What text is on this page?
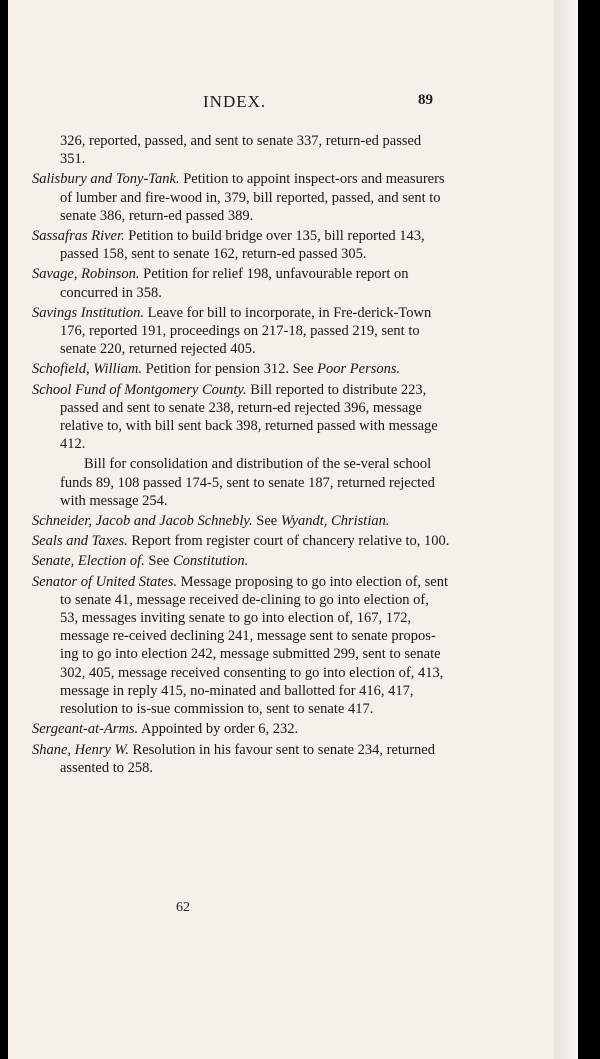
INDEX.	89

326, reported, passed, and sent to senate 337, return-ed passed 351.

Salisbury and Tony-Tank. Petition to appoint inspect-ors and measurers of lumber and fire-wood in, 379, bill reported, passed, and sent to senate 386, return-ed passed 389.

Sassafras River. Petition to build bridge over 135, bill reported 143, passed 158, sent to senate 162, return-ed passed 305.

Savage, Robinson. Petition for relief 198, unfavourable report on concurred in 358.

Savings Institution. Leave for bill to incorporate, in Fre-derick-Town 176, reported 191, proceedings on 217-18, passed 219, sent to senate 220, returned rejected 405.

Schofield, William. Petition for pension 312. See Poor Persons.

School Fund of Montgomery County. Bill reported to distribute 223, passed and sent to senate 238, return-ed rejected 396, message relative to, with bill sent back 398, returned passed with message 412.

Bill for consolidation and distribution of the se-veral school funds 89, 108 passed 174-5, sent to senate 187, returned rejected with message 254.

Schneider, Jacob and Jacob Schnebly. See Wyandt, Christian.

Seals and Taxes. Report from register court of chancery relative to, 100.

Senate, Election of. See Constitution.

Senator of United States. Message proposing to go into election of, sent to senate 41, message received de-clining to go into election of, 53, messages inviting senate to go into election of, 167, 172, message re-ceived declining 241, message sent to senate propos-ing to go into election 242, message submitted 299, sent to senate 302, 405, message received consenting to go into election of, 413, message in reply 415, no-minated and ballotted for 416, 417, resolution to is-sue commission to, sent to senate 417.

Sergeant-at-Arms. Appointed by order 6, 232.

Shane, Henry W. Resolution in his favour sent to senate 234, returned assented to 258.

62
